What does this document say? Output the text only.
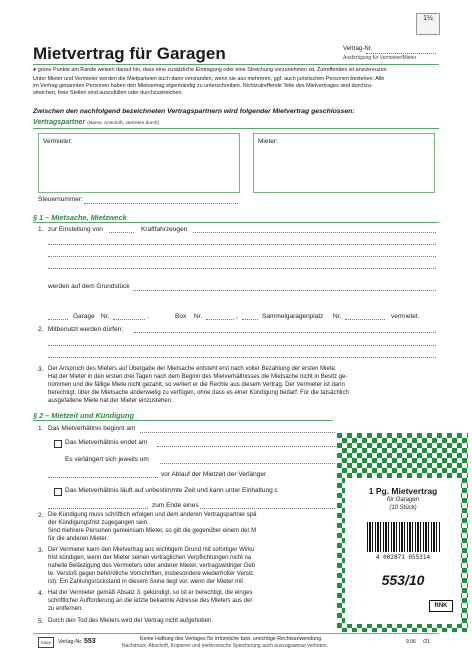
1½
Mietvertrag für Garagen	Vertrag-Nr.
Ausfertigung für Vermieter/Mieter
● grüne Punkte am Rande weisen darauf hin, dass eine zusätzliche Eintragung oder eine Streichung vorzunehmen ist. Zutreffendes ist anzukreuzen.
Unter Mieter und Vermieter werden die Mietparteien auch dann verstanden, wenn sie aus mehreren, ggf. auch juristischen Personen bestehen. Alle
im Vertrag genannten Personen haben den Mietvertrag eigenhändig zu unterschreiben. Nichtzutreffende Teile des Mietvertrages sind durchzu-
streichen, freie Stellen sind auszufüllen oder durchzustreichen.
Zwischen den nachfolgend bezeichneten Vertragspartnern wird folgender Mietvertrag geschlossen:
Vertragspartner (Name, Anschrift, vertreten durch)
Vermieter:	Mieter:
Steuernummer:
§ 1 – Mietsache, Mietzweck
1. zur Einstellung von	Kraftfahrzeugen
werden auf dem Grundstück
Garage Nr.	,	Box Nr.	,	Sammelgaragenplatz Nr.	vermietet.
2. Mitbenutzt werden dürfen:
3. Der Anspruch des Mieters auf Übergabe der Mietsache entsteht erst nach voller Bezahlung der ersten Miete.
Hat der Mieter in den ersten drei Tagen nach dem Beginn des Mietverhältnisses die Mietsache nicht in Besitz ge-
nommen und die fällige Miete nicht gezahlt, so verliert er die Rechte aus diesem Vertrag. Der Vermieter ist dann
berechtigt, über die Mietsache anderweitig zu verfügen, ohne dass es einer Kündigung bedarf. Für die tatsächlich
ausgefallene Miete hat der Mieter einzustehen.
§ 2 – Mietzeit und Kündigung
1. Das Mietverhältnis beginnt am
Das Mietverhältnis endet am
Es verlängert sich jeweils um
vor Ablauf der Mietzeit der Verlänger
Das Mietverhältnis läuft auf unbestimmte Zeit und kann unter Einhaltung c
zum Ende eines
2. Die Kündigung muss schriftlich erfolgen und dem anderen Vertragspartner spä
der Kündigungsfrist zugegangen sein.
Sind mehrere Personen gemeinsam Mieter, so gilt die gegenüber einem der M
für die anderen Mieter.
3. Der Vermieter kann den Mietvertrag aus wichtigem Grund mit sofortiger Wirku
frist kündigen, wenn der Mieter seinen vertraglichen Verpflichtungen nicht na
nahelle Belästigung des Vermieters oder anderer Mieter, vertragswidriger Geb
te. Verstoß gegen behördliche Vorschriften, insbesondere wiederholter Verstc
ist). Ein Zahlungsrückstand in diesem Sinne liegt vor, wenn der Mieter mit
4. Hat der Vermieter gemäß Absatz 3. gekündigt, so ist er berechtigt, die einges
schriftlicher Aufforderung an die letzte bekannte Adresse des Mieters aus der
zu entfernen.
5. Durch den Tod des Mieters wird der Vertrag nicht aufgehoben.
R|N|K	Verlag-Nr. 553	Keine Haftung des Verlages für irrtümliche bzw. unrichtige Rechtsanwendung.
Nachdruck, Abschrift, Kopieren und elektronische Speicherung auch auszugsweise verboten.
9.06 /21
1 Pg. Mietvertrag
für Garagen
(10 Stück)
4 002871 055314
553/10
RNK
